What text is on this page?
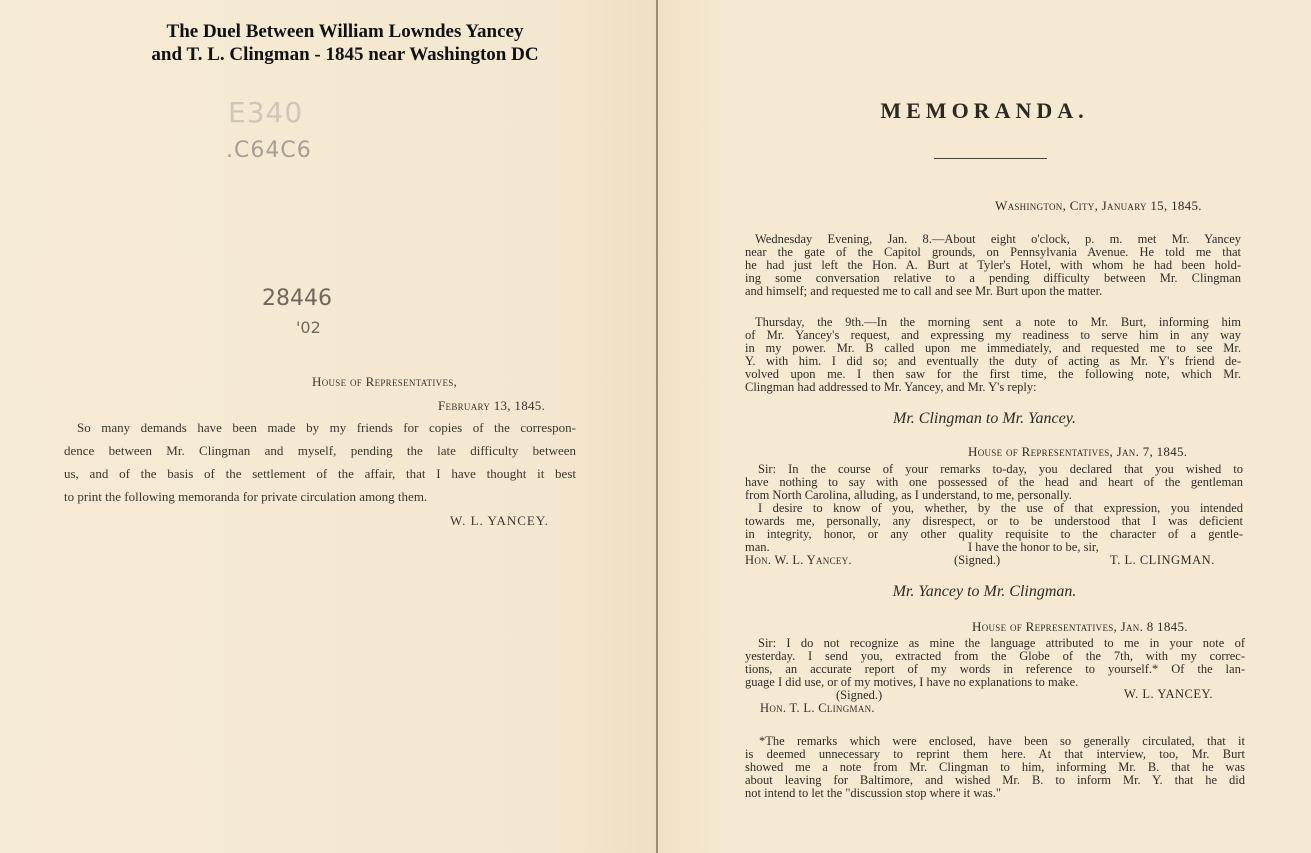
The Duel Between William Lowndes Yancey
and T. L. Clingman - 1845 near Washington DC
E340
.C64C6
28446
'02
House of Representatives,
February 13, 1845.
So many demands have been made by my friends for copies of the correspon-
dence between Mr. Clingman and myself, pending the late difficulty between
us, and of the basis of the settlement of the affair, that I have thought it best
to print the following memoranda for private circulation among them.
W. L. YANCEY.
MEMORANDA.
Washington, City, January 15, 1845.
Wednesday Evening, Jan. 8.—About eight o'clock, p. m. met Mr. Yancey
near the gate of the Capitol grounds, on Pennsylvania Avenue. He told me that
he had just left the Hon. A. Burt at Tyler's Hotel, with whom he had been hold-
ing some conversation relative to a pending difficulty between Mr. Clingman
and himself; and requested me to call and see Mr. Burt upon the matter.
Thursday, the 9th.—In the morning sent a note to Mr. Burt, informing him
of Mr. Yancey's request, and expressing my readiness to serve him in any way
in my power. Mr. B called upon me immediately, and requested me to see Mr.
Y. with him. I did so; and eventually the duty of acting as Mr. Y's friend de-
volved upon me. I then saw for the first time, the following note, which Mr.
Clingman had addressed to Mr. Yancey, and Mr. Y's reply:
Mr. Clingman to Mr. Yancey.
House of Representatives, Jan. 7, 1845.
Sir: In the course of your remarks to-day, you declared that you wished to
have nothing to say with one possessed of the head and heart of the gentleman
from North Carolina, alluding, as I understand, to me, personally.
I desire to know of you, whether, by the use of that expression, you intended
towards me, personally, any disrespect, or to be understood that I was deficient
in integrity, honor, or any other quality requisite to the character of a gentle-
man.	I have the honor to be, sir,
Hon. W. L. Yancey.	(Signed.)	T. L. CLINGMAN.
Mr. Yancey to Mr. Clingman.
House of Representatives, Jan. 8 1845.
Sir: I do not recognize as mine the language attributed to me in your note of
yesterday. I send you, extracted from the Globe of the 7th, with my correc-
tions, an accurate report of my words in reference to yourself.* Of the lan-
guage I did use, or of my motives, I have no explanations to make.
(Signed.)	W. L. YANCEY.
Hon. T. L. Clingman.
*The remarks which were enclosed, have been so generally circulated, that it
is deemed unnecessary to reprint them here. At that interview, too, Mr. Burt
showed me a note from Mr. Clingman to him, informing Mr. B. that he was
about leaving for Baltimore, and wished Mr. B. to inform Mr. Y. that he did
not intend to let the "discussion stop where it was."
